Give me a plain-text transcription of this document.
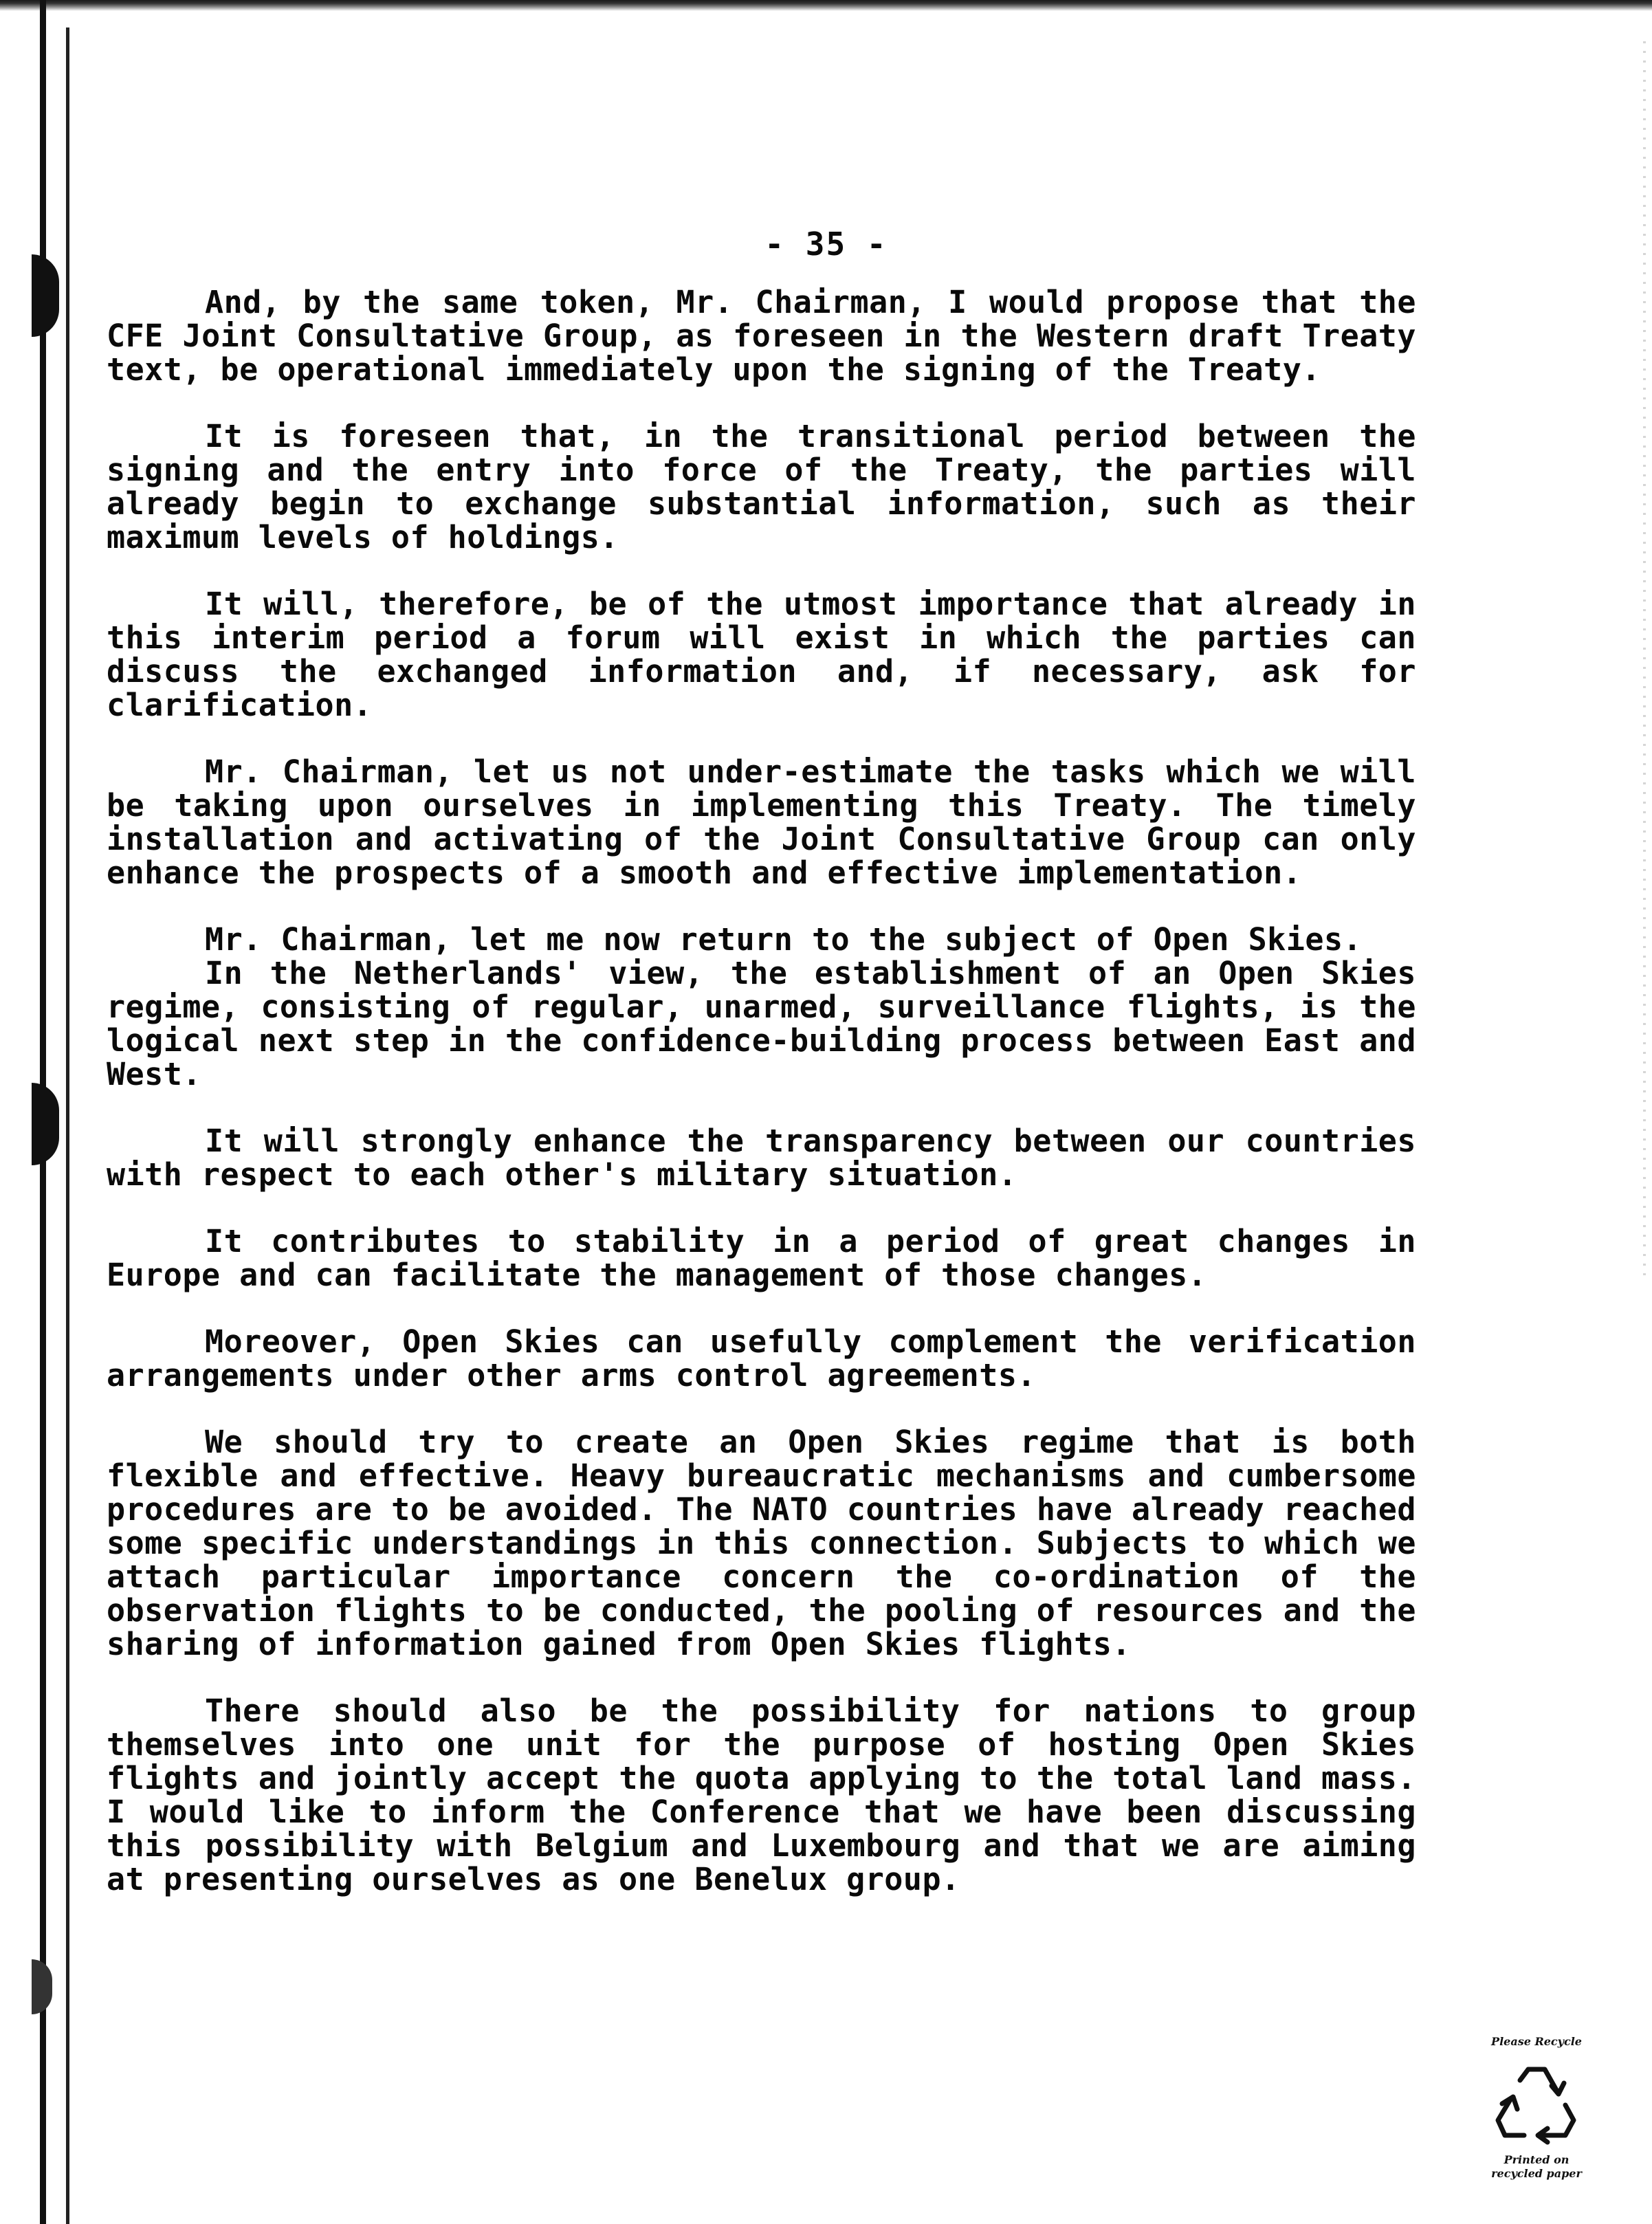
- 35 -

And, by the same token, Mr. Chairman, I would propose that the CFE Joint Consultative Group, as foreseen in the Western draft Treaty text, be operational immediately upon the signing of the Treaty.

It is foreseen that, in the transitional period between the signing and the entry into force of the Treaty, the parties will already begin to exchange substantial information, such as their maximum levels of holdings.

It will, therefore, be of the utmost importance that already in this interim period a forum will exist in which the parties can discuss the exchanged information and, if necessary, ask for clarification.

Mr. Chairman, let us not under-estimate the tasks which we will be taking upon ourselves in implementing this Treaty. The timely installation and activating of the Joint Consultative Group can only enhance the prospects of a smooth and effective implementation.

Mr. Chairman, let me now return to the subject of Open Skies.

In the Netherlands' view, the establishment of an Open Skies regime, consisting of regular, unarmed, surveillance flights, is the logical next step in the confidence-building process between East and West.

It will strongly enhance the transparency between our countries with respect to each other's military situation.

It contributes to stability in a period of great changes in Europe and can facilitate the management of those changes.

Moreover, Open Skies can usefully complement the verification arrangements under other arms control agreements.

We should try to create an Open Skies regime that is both flexible and effective. Heavy bureaucratic mechanisms and cumbersome procedures are to be avoided. The NATO countries have already reached some specific understandings in this connection. Subjects to which we attach particular importance concern the co-ordination of the observation flights to be conducted, the pooling of resources and the sharing of information gained from Open Skies flights.

There should also be the possibility for nations to group themselves into one unit for the purpose of hosting Open Skies flights and jointly accept the quota applying to the total land mass. I would like to inform the Conference that we have been discussing this possibility with Belgium and Luxembourg and that we are aiming at presenting ourselves as one Benelux group.

Please Recycle
Printed on recycled paper
